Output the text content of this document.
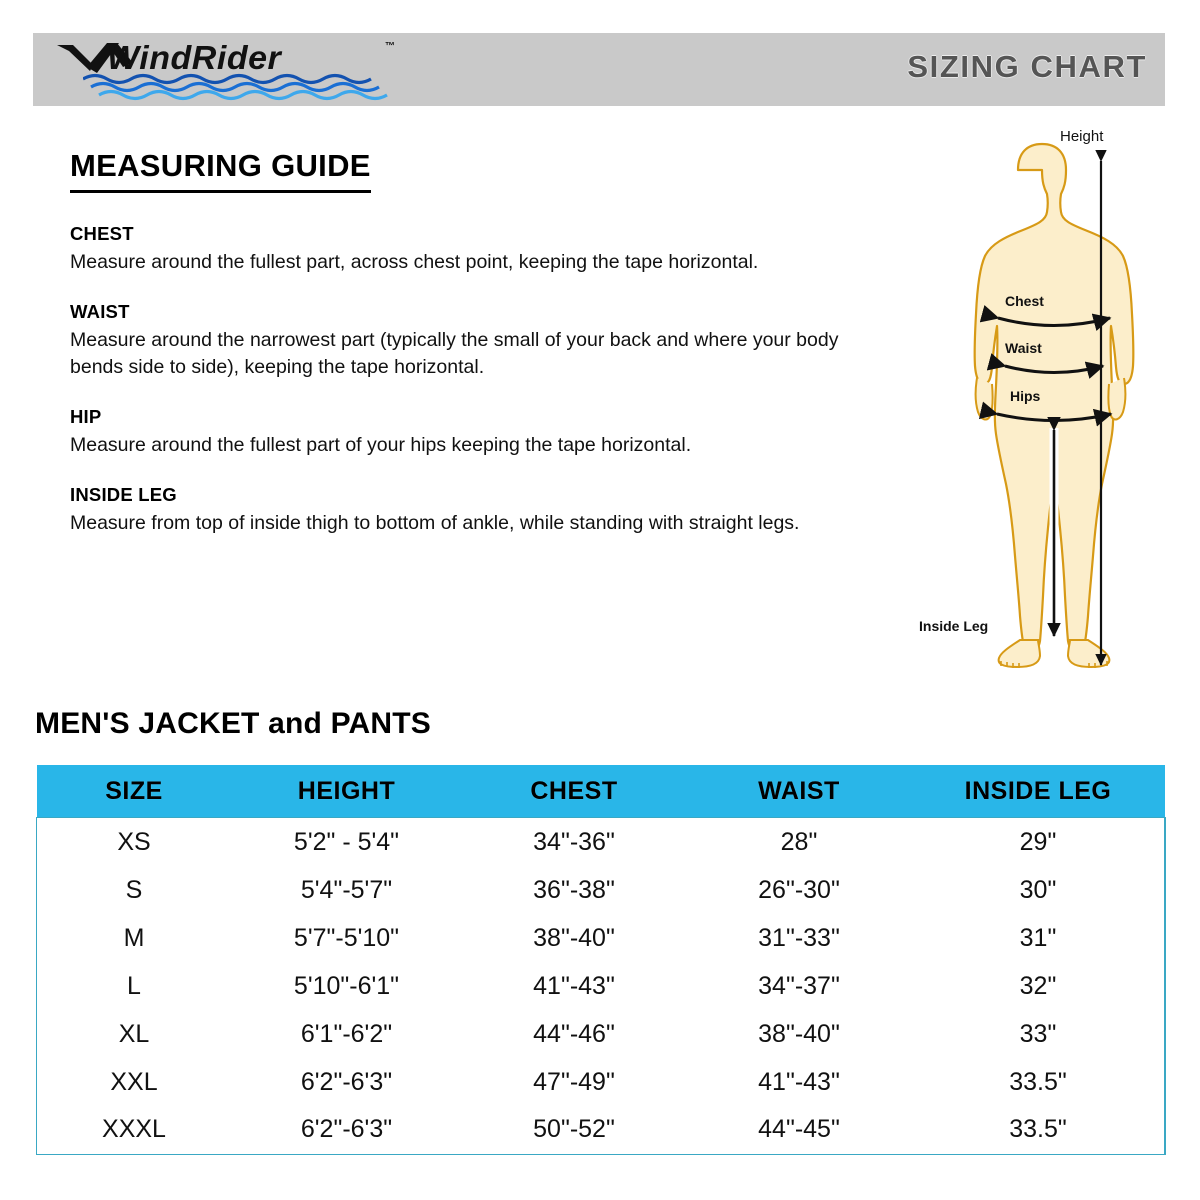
WindRider	™
SIZING CHART
MEASURING GUIDE
CHEST
Measure around the fullest part, across chest point, keeping the tape horizontal.
WAIST
Measure around the narrowest part (typically the small of your back and where your body bends side to side), keeping the tape horizontal.
HIP
Measure around the fullest part of your hips keeping the tape horizontal.
INSIDE LEG
Measure from top of inside thigh to bottom of ankle, while standing with straight legs.
Height
Chest
Waist
Hips
Inside Leg
MEN'S JACKET and PANTS
SIZE	HEIGHT	CHEST	WAIST	INSIDE LEG
XS	5'2" - 5'4"	34"-36"	28"	29"
S	5'4"-5'7"	36"-38"	26"-30"	30"
M	5'7"-5'10"	38"-40"	31"-33"	31"
L	5'10"-6'1"	41"-43"	34"-37"	32"
XL	6'1"-6'2"	44"-46"	38"-40"	33"
XXL	6'2"-6'3"	47"-49"	41"-43"	33.5"
XXXL	6'2"-6'3"	50"-52"	44"-45"	33.5"
